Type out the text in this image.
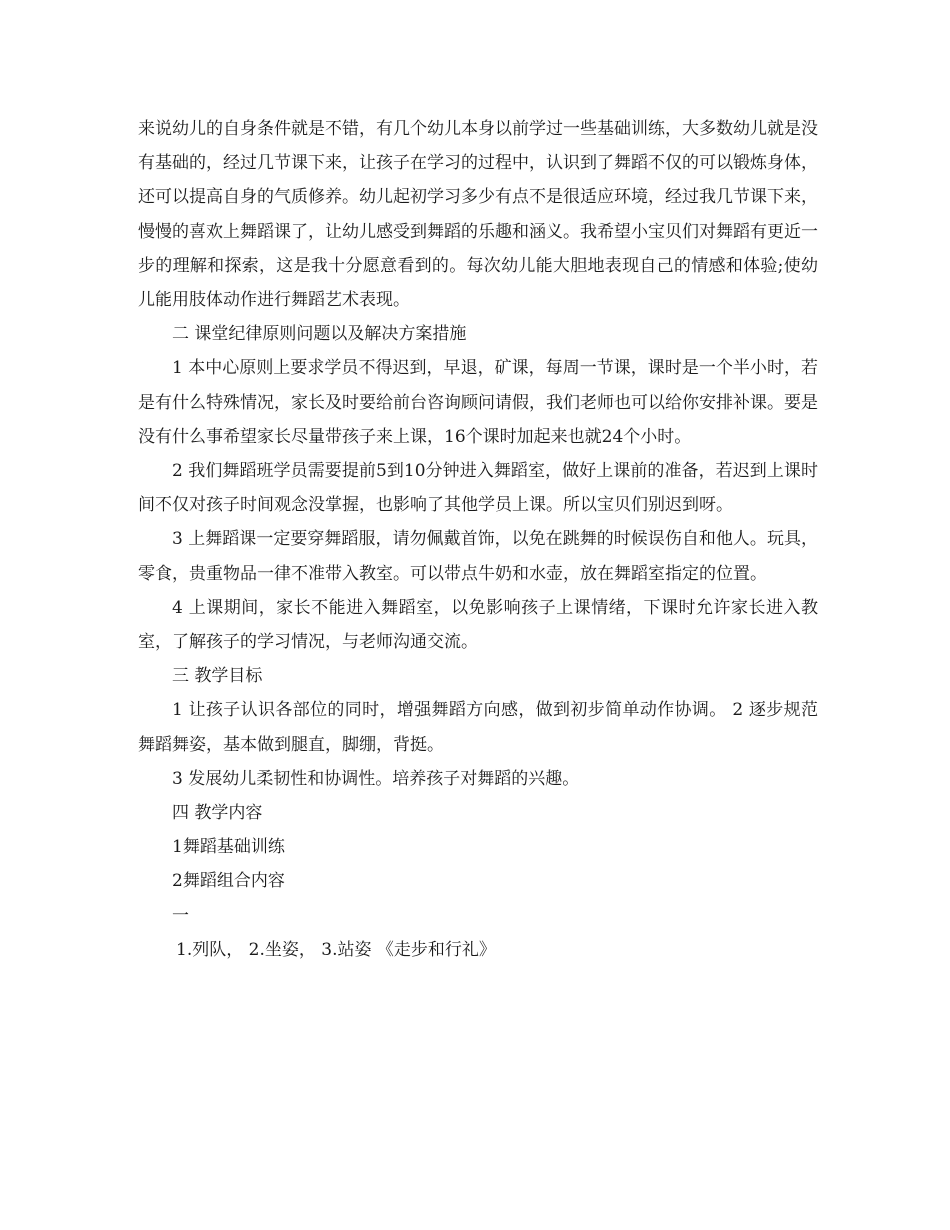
来说幼儿的自身条件就是不错，有几个幼儿本身以前学过一些基础训练，大多数幼儿就是没有基础的，经过几节课下来，让孩子在学习的过程中，认识到了舞蹈不仅的可以锻炼身体，还可以提高自身的气质修养。幼儿起初学习多少有点不是很适应环境，经过我几节课下来，慢慢的喜欢上舞蹈课了，让幼儿感受到舞蹈的乐趣和涵义。我希望小宝贝们对舞蹈有更近一步的理解和探索，这是我十分愿意看到的。每次幼儿能大胆地表现自己的情感和体验;使幼儿能用肢体动作进行舞蹈艺术表现。

二 课堂纪律原则问题以及解决方案措施

1 本中心原则上要求学员不得迟到，早退，矿课，每周一节课，课时是一个半小时，若是有什么特殊情况，家长及时要给前台咨询顾问请假，我们老师也可以给你安排补课。要是没有什么事希望家长尽量带孩子来上课，16个课时加起来也就24个小时。

2 我们舞蹈班学员需要提前5到10分钟进入舞蹈室，做好上课前的准备，若迟到上课时间不仅对孩子时间观念没掌握，也影响了其他学员上课。所以宝贝们别迟到呀。

3 上舞蹈课一定要穿舞蹈服，请勿佩戴首饰，以免在跳舞的时候误伤自和他人。玩具，零食，贵重物品一律不准带入教室。可以带点牛奶和水壶，放在舞蹈室指定的位置。

4 上课期间，家长不能进入舞蹈室，以免影响孩子上课情绪，下课时允许家长进入教室，了解孩子的学习情况，与老师沟通交流。

三 教学目标

1 让孩子认识各部位的同时，增强舞蹈方向感，做到初步简单动作协调。 2 逐步规范舞蹈舞姿，基本做到腿直，脚绷，背挺。

3 发展幼儿柔韧性和协调性。培养孩子对舞蹈的兴趣。

四 教学内容

1舞蹈基础训练

2舞蹈组合内容

一

1.列队， 2.坐姿， 3.站姿 《走步和行礼》
